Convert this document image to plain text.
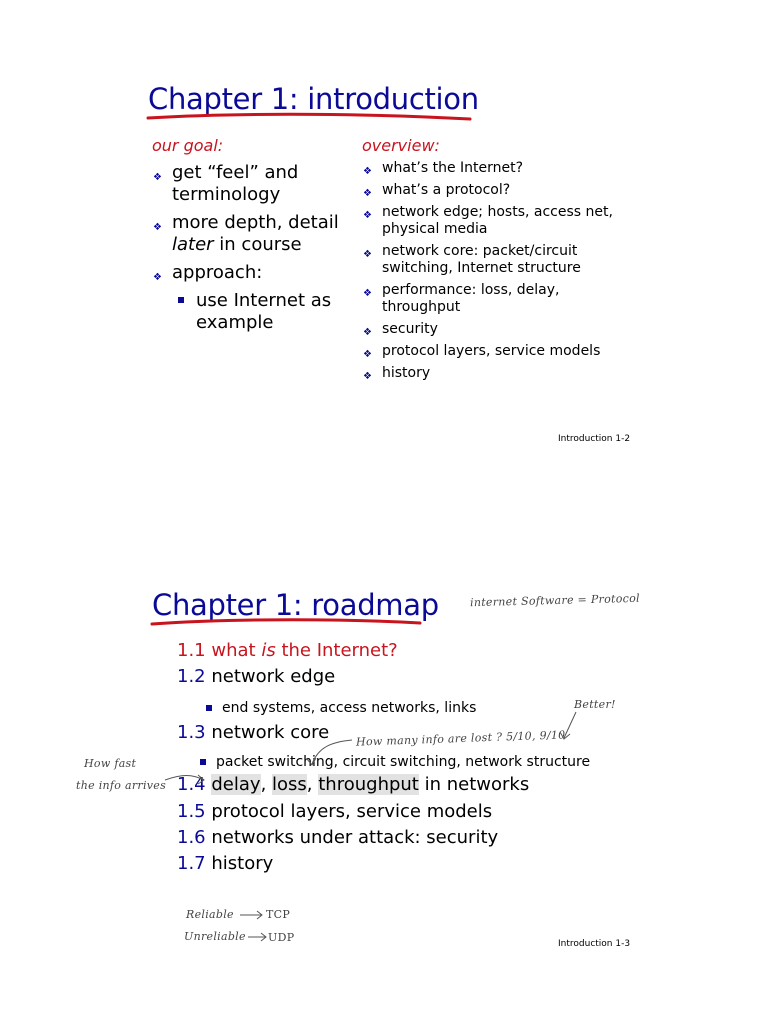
Chapter 1: introduction
our goal:
❖ get “feel” and terminology
❖ more depth, detail later in course
❖ approach:
use Internet as example
overview:
❖ what’s the Internet?
❖ what’s a protocol?
❖ network edge; hosts, access net, physical media
❖ network core: packet/circuit switching, Internet structure
❖ performance: loss, delay, throughput
❖ security
❖ protocol layers, service models
❖ history
Introduction 1-2
Chapter 1: roadmap	internet Software = Protocol
1.1 what is the Internet?
1.2 network edge
end systems, access networks, links
1.3 network core
packet switching, circuit switching, network structure
1.4 delay, loss, throughput in networks
1.5 protocol layers, service models
1.6 networks under attack: security
1.7 history
Better!
How many info are lost ? 5/10, 9/10
How fast
the info arrives
Reliable	TCP
Unreliable UDP	Introduction 1-3
